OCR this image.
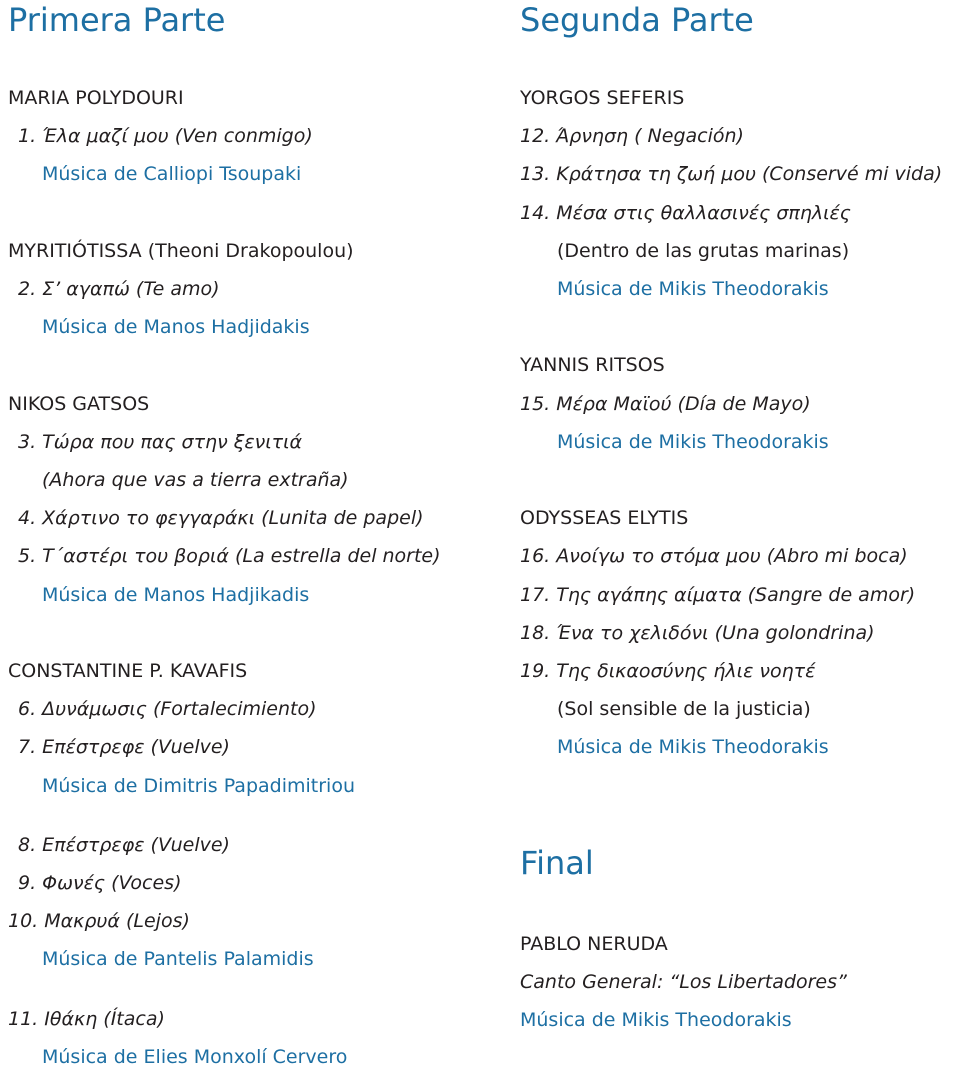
Primera Parte
MARIA POLYDOURI
1. Έλα μαζί μου (Ven conmigo)
Música de Calliopi Tsoupaki
MYRITIÓTISSA (Theoni Drakopoulou)
2. Σ’ αγαπώ (Te amo)
Música de Manos Hadjidakis
NIKOS GATSOS
3. Τώρα που πας στην ξενιτιά
(Ahora que vas a tierra extraña)
4. Χάρτινο το φεγγαράκι (Lunita de papel)
5. Τ΄αστέρι του βοριά (La estrella del norte)
Música de Manos Hadjikadis
CONSTANTINE P. KAVAFIS
6. Δυνάμωσις (Fortalecimiento)
7. Επέστρεφε (Vuelve)
Música de Dimitris Papadimitriou
8. Επέστρεφε (Vuelve)
9. Φωνές (Voces)
10. Μακρυά (Lejos)
Música de Pantelis Palamidis
11. Ιθάκη (Ítaca)
Música de Elies Monxolí Cervero
Segunda Parte
YORGOS SEFERIS
12. Άρνηση ( Negación)
13. Κράτησα τη ζωή μου (Conservé mi vida)
14. Μέσα στις θαλλασινές σπηλιές
(Dentro de las grutas marinas)
Música de Mikis Theodorakis
YANNIS RITSOS
15. Μέρα Μαϊού (Día de Mayo)
Música de Mikis Theodorakis
ODYSSEAS ELYTIS
16. Ανοίγω το στόμα μου (Abro mi boca)
17. Της αγάπης αίματα (Sangre de amor)
18. Ένα το χελιδόνι (Una golondrina)
19. Της δικαοσύνης ήλιε νοητέ
(Sol sensible de la justicia)
Música de Mikis Theodorakis
Final
PABLO NERUDA
Canto General: “Los Libertadores”
Música de Mikis Theodorakis
